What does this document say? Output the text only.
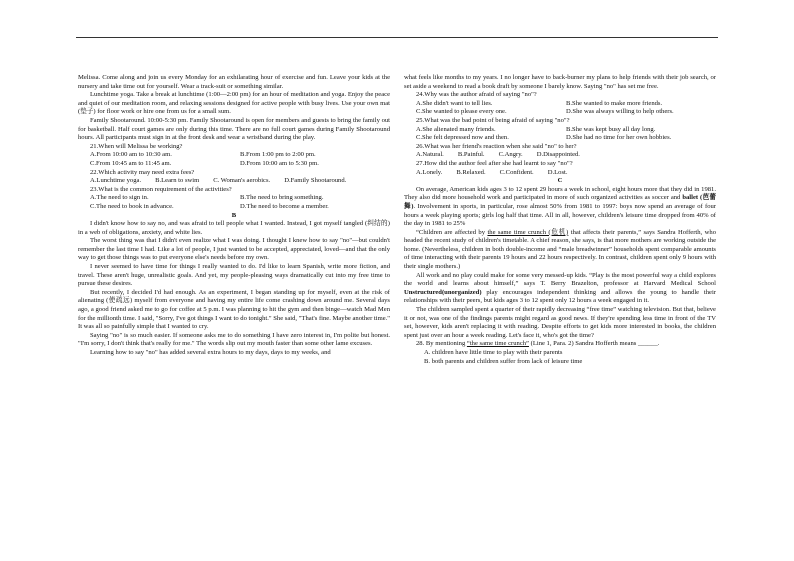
Melissa. Come along and join us every Monday for an exhilarating hour of exercise and fun. Leave your kids at the nursery and take time out for yourself. Wear a track-suit or something similar.

Lunchtime yoga. Take a break at lunchtime (1:00—2:00 pm) for an hour of meditation and yoga. Enjoy the peace and quiet of our meditation room, and relaxing sessions designed for active people with busy lives. Use your own mat (垫子) for floor work or hire one from us for a small sum.

Family Shootaround. 10:00-5:30 pm. Family Shootaround is open for members and guests to bring the family out for basketball. Half court games are only during this time. There are no full court games during Family Shootaround hours. All participants must sign in at the front desk and wear a wristband during the play.

21.When will Melissa be working?

A.From 10:00 am to 10:30 am.	B.From 1:00 pm to 2:00 pm.

C.From 10:45 am to 11:45 am.	D.From 10:00 am to 5:30 pm.

22.Which activity may need extra fees?

A.Lunchtime yoga. B.Learn to swim C. Woman's aerobics. D.Family Shootaround.

23.What is the common requirement of the activities?

A.The need to sign in.	B.The need to bring something.

C.The need to book in advance.	D.The need to become a member.

B

I didn't know how to say no, and was afraid to tell people what I wanted. Instead, I got myself tangled (纠结的) in a web of obligations, anxiety, and white lies.

The worst thing was that I didn't even realize what I was doing. I thought I knew how to say "no"—but couldn't remember the last time I had. Like a lot of people, I just wanted to be accepted, appreciated, loved—and that the only way to get those things was to put everyone else's needs before my own.

I never seemed to have time for things I really wanted to do. I'd like to learn Spanish, write more fiction, and travel. These aren't huge, unrealistic goals. And yet, my people-pleasing ways dramatically cut into my free time to pursue these desires.

But recently, I decided I'd had enough. As an experiment, I began standing up for myself, even at the risk of alienating (使疏远) myself from everyone and having my entire life come crashing down around me. Several days ago, a good friend asked me to go for coffee at 5 p.m. I was planning to hit the gym and then binge—watch Mad Men for the millionth time. I said, "Sorry, I've got things I want to do tonight." She said, "That's fine. Maybe another time." It was all so painfully simple that I wanted to cry.

Saying "no" is so much easier. If someone asks me to do something I have zero interest in, I'm polite but honest. "I'm sorry, I don't think that's really for me." The words slip out my mouth faster than some other lame excuses.

Learning how to say "no" has added several extra hours to my days, days to my weeks, and

what feels like months to my years. I no longer have to back-burner my plans to help friends with their job search, or set aside a weekend to read a book draft by someone I barely know. Saying "no" has set me free.

24.Why was the author afraid of saying "no"?

A.She didn't want to tell lies.	B.She wanted to make more friends.

C.She wanted to please every one.	D.She was always willing to help others.

25.What was the bad point of being afraid of saying "no"?

A.She alienated many friends.	B.She was kept busy all day long.

C.She felt depressed now and then.	D.She had no time for her own hobbies.

26.What was her friend's reaction when she said "no" to her?

A.Natural. B.Painful. C.Angry. D.Disappointed.

27.How did the author feel after she had learnt to say "no"?

A.Lonely. B.Relaxed. C.Confident. D.Lost.

C

On average, American kids ages 3 to 12 spent 29 hours a week in school, eight hours more that they did in 1981. They also did more household work and participated in more of such organized activities as soccer and ballet (芭蕾舞). Involvement in sports, in particular, rose almost 50% from 1981 to 1997: boys now spend an average of four hours a week playing sports; girls log half that time. All in all, however, children's leisure time dropped from 40% of the day in 1981 to 25%

“Children are affected by the same time crunch (危机) that affects their parents,” says Sandra Hofferth, who headed the recent study of children's timetable. A chief reason, she says, is that more mothers are working outside the home. (Nevertheless, children in both double-income and “male breadwinner” households spent comparable amounts of time interacting with their parents 19 hours and 22 hours respectively. In contrast, children spent only 9 hours with their single mothers.)

All work and no play could make for some very messed-up kids. “Play is the most powerful way a child explores the world and learns about himself,” says T. Berry Brazelton, professor at Harvard Medical School Unstructured(unorganized) play encourages independent thinking and allows the young to handle their relationships with their peers, but kids ages 3 to 12 spent only 12 hours a week engaged in it.

The children sampled spent a quarter of their rapidly decreasing “free time” watching television. But that, believe it or not, was one of the findings parents might regard as good news. If they're spending less time in front of the TV set, however, kids aren't replacing it with reading. Despite efforts to get kids more interested in books, the children spent just over an hour a week reading. Let's face it, who's got the time?

28. By mentioning “the same time crunch” (Line 1, Para. 2) Sandra Hofferth means ______.

A. children have little time to play with their parents

B. both parents and children suffer from lack of leisure time
